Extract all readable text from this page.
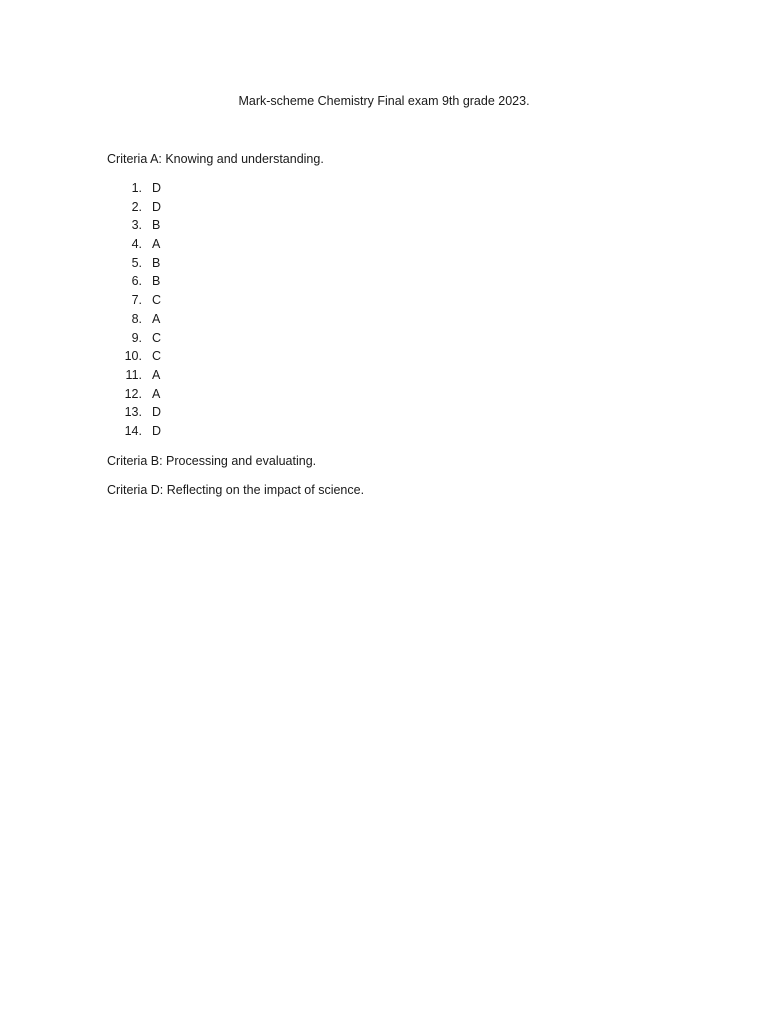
Mark-scheme Chemistry Final exam 9th grade 2023.
Criteria A: Knowing and understanding.
1. D
2. D
3. B
4. A
5. B
6. B
7. C
8. A
9. C
10. C
11. A
12. A
13. D
14. D
Criteria B: Processing and evaluating.
Criteria D: Reflecting on the impact of science.
